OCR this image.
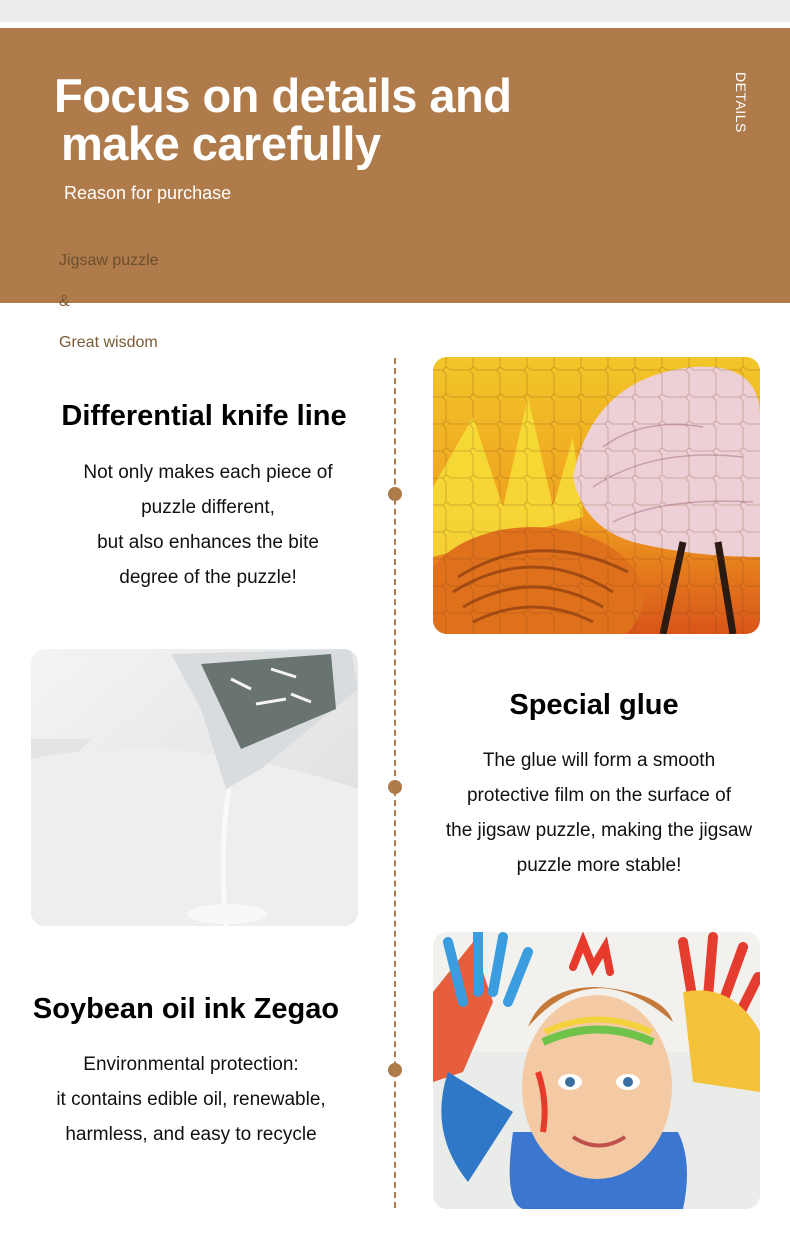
Focus on details and
make carefully
Reason for purchase
DETAILS
Jigsaw puzzle
&
Great wisdom
Differential knife line
Not only makes each piece of
puzzle different,
but also enhances the bite
degree of the puzzle!
Special glue
The glue will form a smooth
protective film on the surface of
the jigsaw puzzle, making the jigsaw
puzzle more stable!
Soybean oil ink Zegao
Environmental protection:
it contains edible oil, renewable,
harmless, and easy to recycle
